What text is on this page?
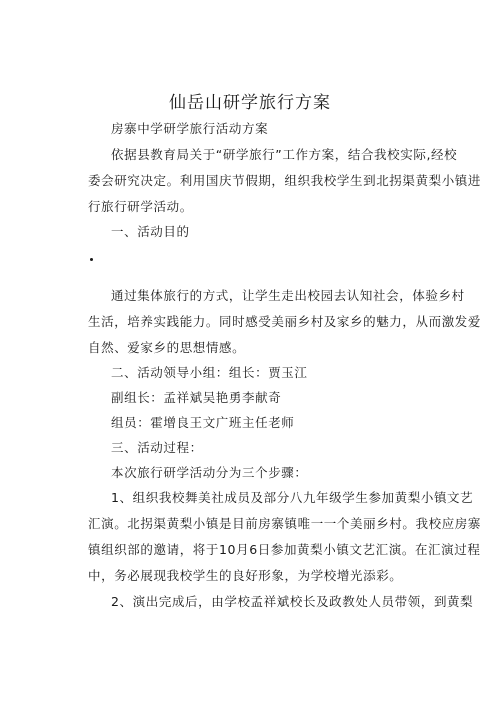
仙岳山研学旅行方案
房寨中学研学旅行活动方案
依据县教育局关于“研学旅行”工作方案，结合我校实际,经校
委会研究决定。利用国庆节假期，组织我校学生到北拐渠黄梨小镇进
行旅行研学活动。
一、活动目的
通过集体旅行的方式，让学生走出校园去认知社会，体验乡村
生活，培养实践能力。同时感受美丽乡村及家乡的魅力，从而激发爱
自然、爱家乡的思想情感。
二、活动领导小组：组长：贾玉江
副组长：孟祥斌吴艳勇李献奇
组员：霍增良王文广班主任老师
三、活动过程：
本次旅行研学活动分为三个步骤：
1、组织我校舞美社成员及部分八九年级学生参加黄梨小镇文艺
汇演。北拐渠黄梨小镇是目前房寨镇唯一一个美丽乡村。我校应房寨
镇组织部的邀请，将于10月6日参加黄梨小镇文艺汇演。在汇演过程
中，务必展现我校学生的良好形象，为学校增光添彩。
2、演出完成后，由学校孟祥斌校长及政教处人员带领，到黄梨
